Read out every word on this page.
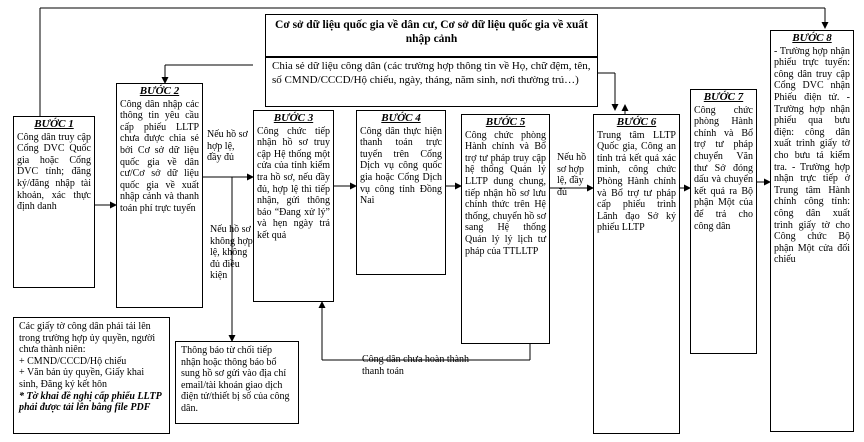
Cơ sở dữ liệu quốc gia về dân cư, Cơ sở dữ liệu quốc gia về xuất nhập cảnh
Chia sẻ dữ liệu công dân (các trường hợp thông tin về Họ, chữ đệm, tên, số CMND/CCCD/Hộ chiếu, ngày, tháng, năm sinh, nơi thường trú…)
BƯỚC 1
Công dân truy cập Cổng DVC Quốc gia hoặc Cổng DVC tỉnh; đăng ký/đăng nhập tài khoản, xác thực định danh
BƯỚC 2
Công dân nhập các thông tin yêu cầu cấp phiếu LLTP chưa được chia sẻ bởi Cơ sở dữ liệu quốc gia về dân cư/Cơ sở dữ liệu quốc gia về xuất nhập cảnh và thanh toán phí trực tuyến
BƯỚC 3
Công chức tiếp nhận hồ sơ truy cập Hệ thống một cửa của tỉnh kiểm tra hồ sơ, nếu đầy đủ, hợp lệ thì tiếp nhận, gửi thông báo “Đang xử lý” và hẹn ngày trả kết quả
BƯỚC 4
Công dân thực hiện thanh toán trực tuyến trên Cổng Dịch vụ công quốc gia hoặc Cổng Dịch vụ công tỉnh Đồng Nai
BƯỚC 5
Công chức phòng Hành chính và Bổ trợ tư pháp truy cập hệ thống Quản lý LLTP dung chung, tiếp nhận hồ sơ lưu chính thức trên Hệ thống, chuyển hồ sơ sang Hệ thống Quản lý lý lịch tư pháp của TTLLTP
BƯỚC 6
Trung tâm LLTP Quốc gia, Công an tỉnh trả kết quả xác minh, công chức Phòng Hành chính và Bổ trợ tư pháp cấp phiếu trình Lãnh đạo Sở ký phiếu LLTP
BƯỚC 7
Công chức phòng Hành chính và Bổ trợ tư pháp chuyển Văn thư Sở đóng dấu và chuyển kết quả ra Bộ phận Một của để trả cho công dân
BƯỚC 8
- Trường hợp nhận phiếu trực tuyến: công dân truy cập Cổng DVC nhận Phiếu điện tử. - Trường hợp nhận phiếu qua bưu điện: công dân xuất trình giấy tờ cho bưu tá kiểm tra. - Trường hợp nhận trực tiếp ở Trung tâm Hành chính công tỉnh: công dân xuất trình giấy tờ cho Công chức Bộ phận Một cửa đối chiếu
Nếu hồ sơ hợp lệ, đầy đủ
Nếu hồ sơ không hợp lệ, không đủ điều kiện
Nếu hồ sơ hợp lệ, đầy đủ
Công dân chưa hoàn thành thanh toán
Thông báo từ chối tiếp nhận hoặc thông báo bổ sung hồ sơ gửi vào địa chỉ email/tài khoản giao dịch điện tử/thiết bị số của công dân.

Các giấy tờ công dân phải tải lên trong trường hợp ủy quyền, người chưa thành niên:

+ CMND/CCCD/Hộ chiếu

+ Văn bản ủy quyền, Giấy khai sinh, Đăng ký kết hôn

* Tờ khai đề nghị cấp phiếu LLTP phải được tải lên bằng file PDF
